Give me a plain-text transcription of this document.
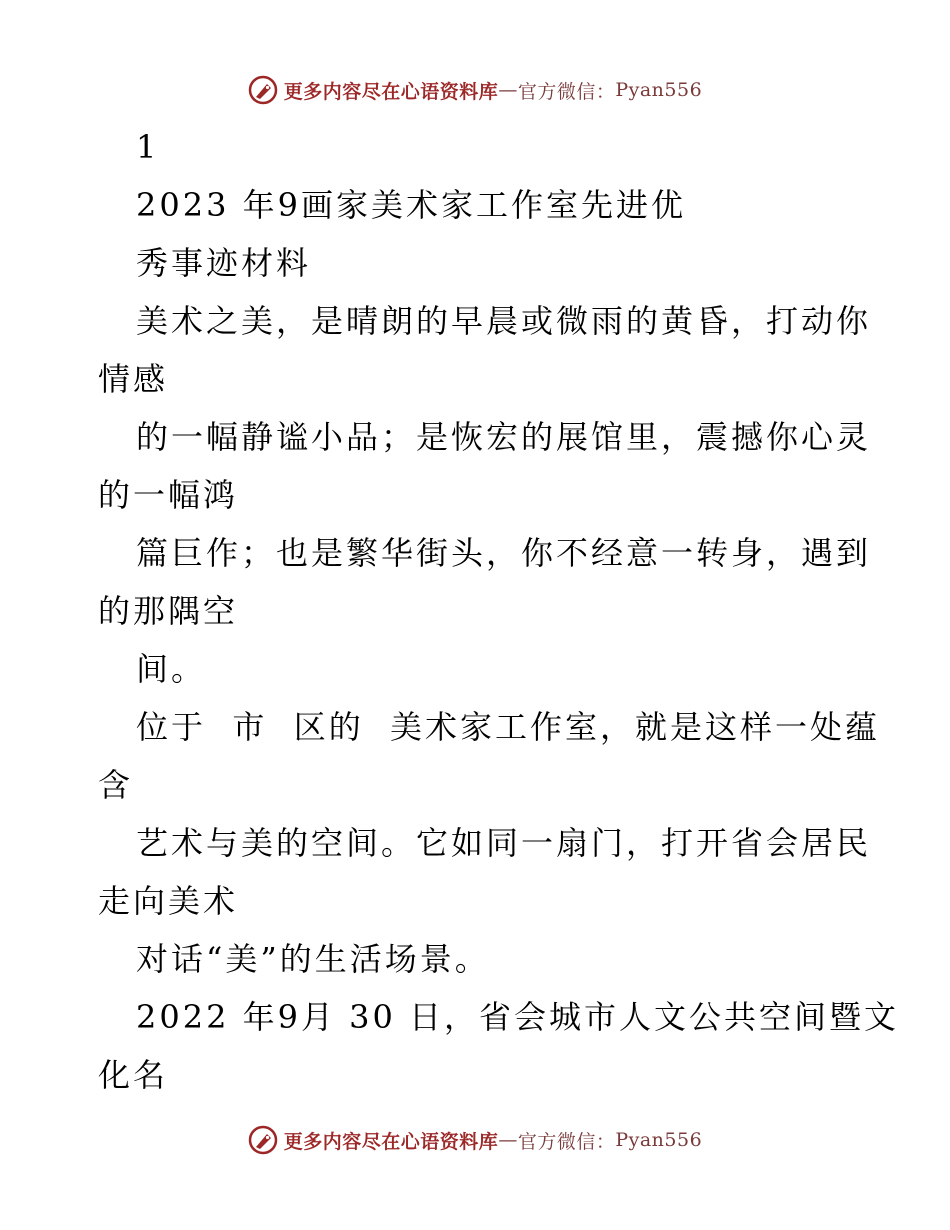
更多内容尽在心语资料库 — 官方微信： Pyan556
1
2023 年9画家美术家工作室先进优
秀事迹材料
美术之美，是晴朗的早晨或微雨的黄昏，打动你
情感
的一幅静谧小品；是恢宏的展馆里，震撼你心灵
的一幅鸿
篇巨作；也是繁华街头，你不经意一转身，遇到
的那隅空
间。
位于  市  区的  美术家工作室，就是这样一处蕴
含
艺术与美的空间。它如同一扇门，打开省会居民
走向美术
对话“美”的生活场景。
2022 年9月 30 日，省会城市人文公共空间暨文
化名
更多内容尽在心语资料库 — 官方微信： Pyan556
